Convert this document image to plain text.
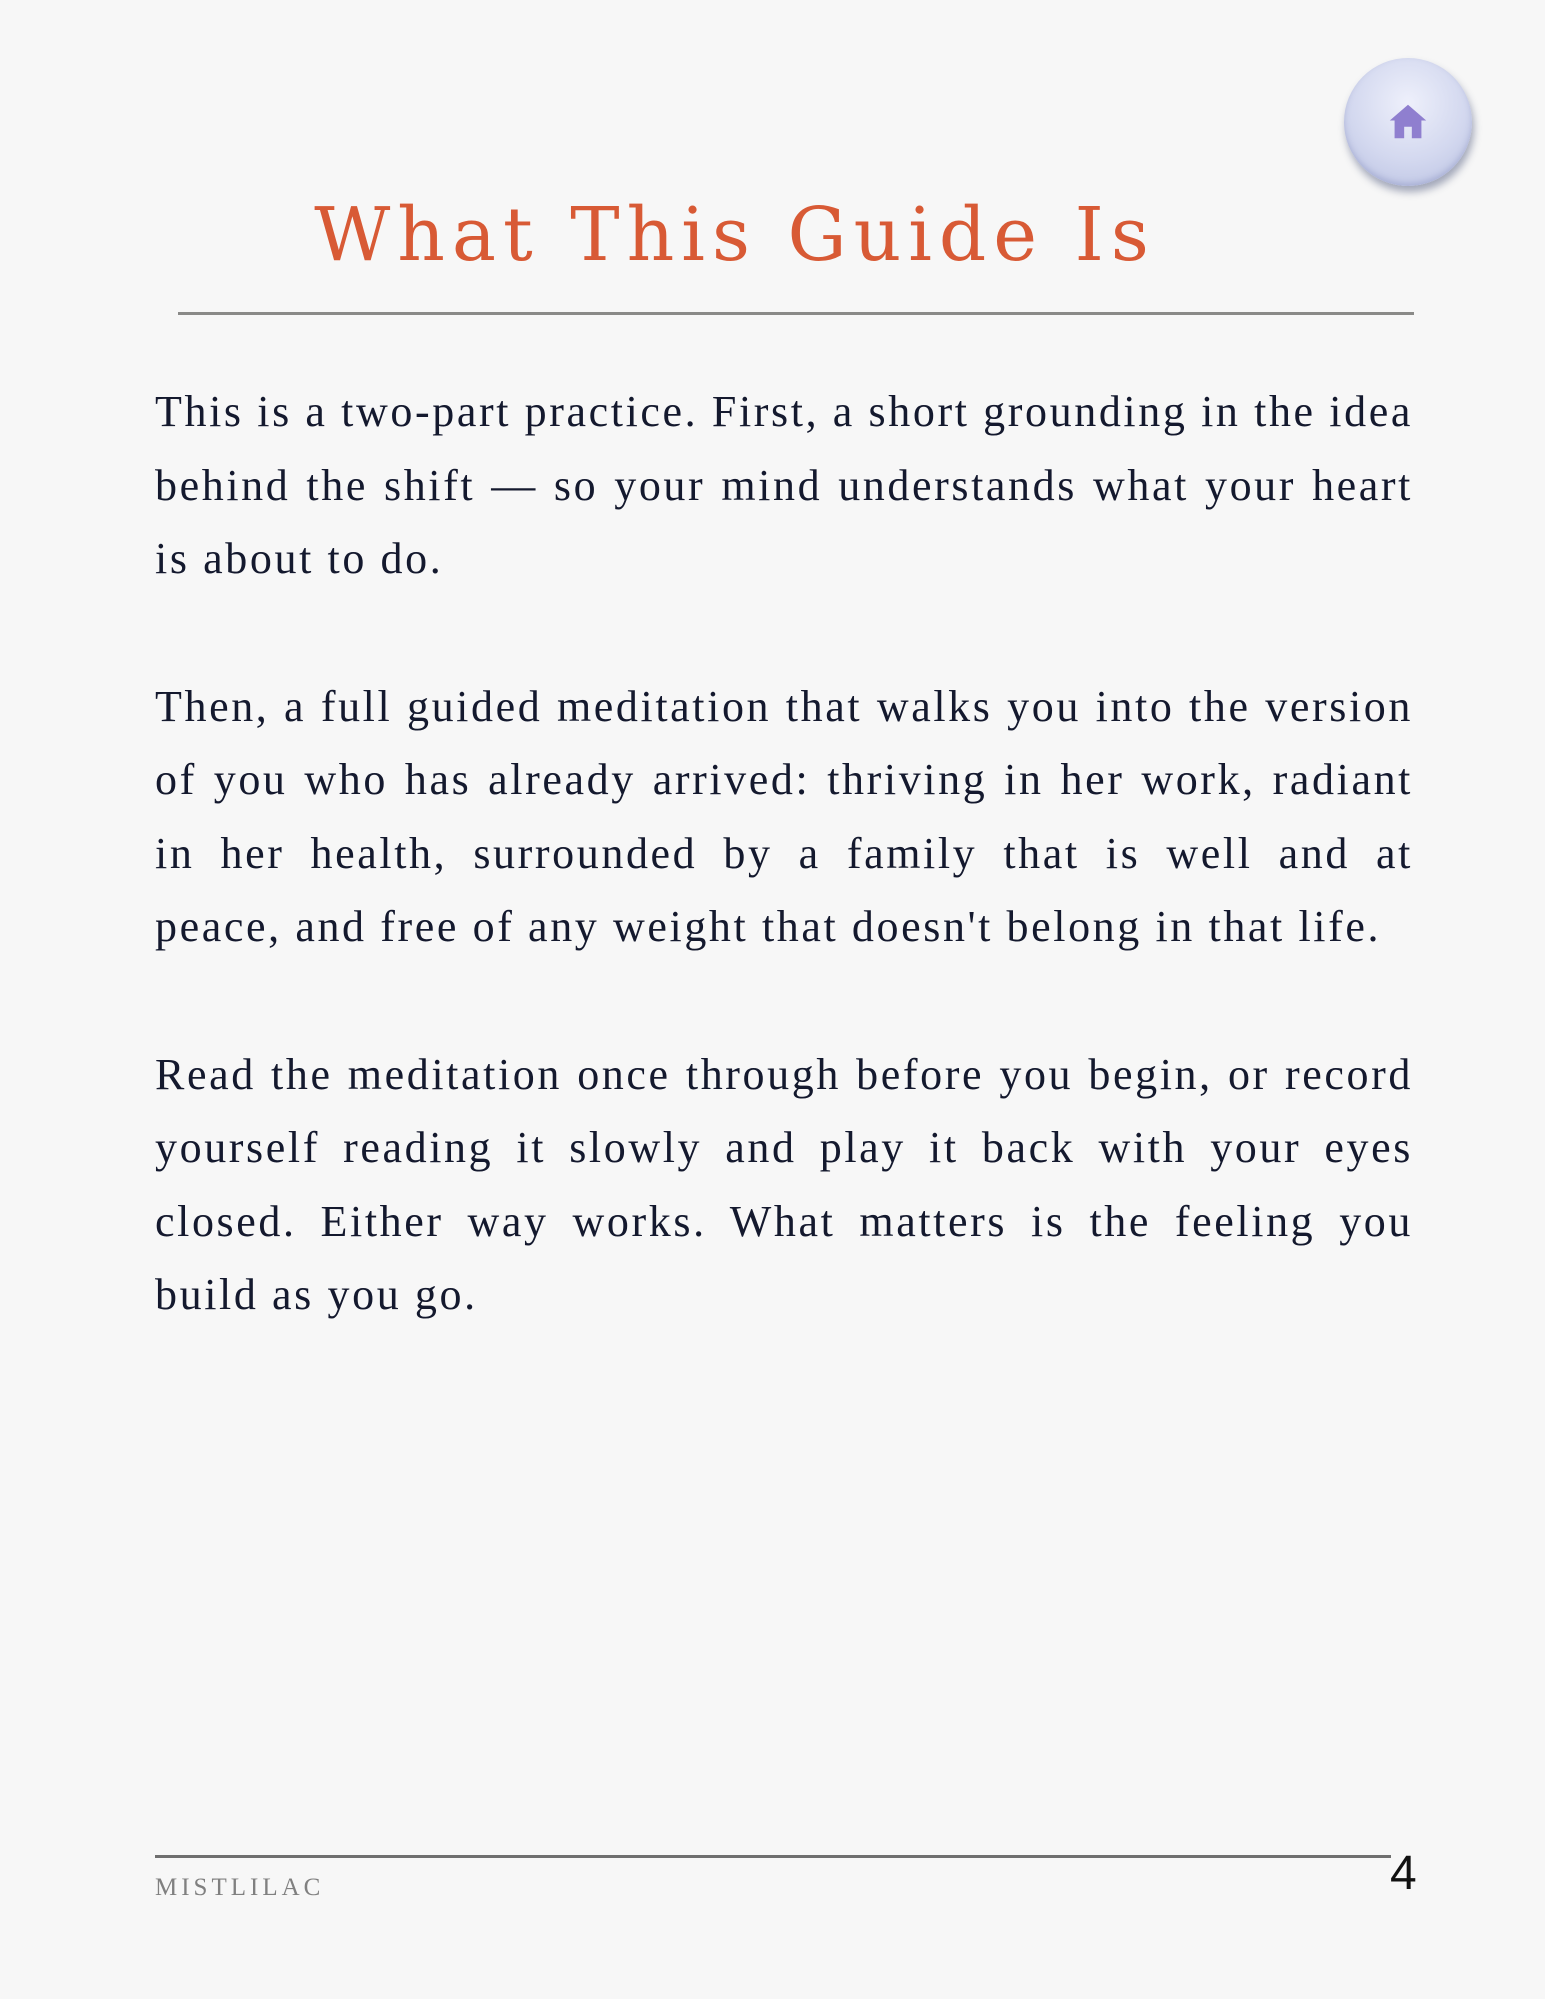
What This Guide Is

This is a two-part practice. First, a short grounding in the idea behind the shift — so your mind understands what your heart is about to do.

Then, a full guided meditation that walks you into the version of you who has already arrived: thriving in her work, radiant in her health, surrounded by a family that is well and at peace, and free of any weight that doesn't belong in that life.

Read the meditation once through before you begin, or record yourself reading it slowly and play it back with your eyes closed. Either way works. What matters is the feeling you build as you go.

MISTLILAC	4
